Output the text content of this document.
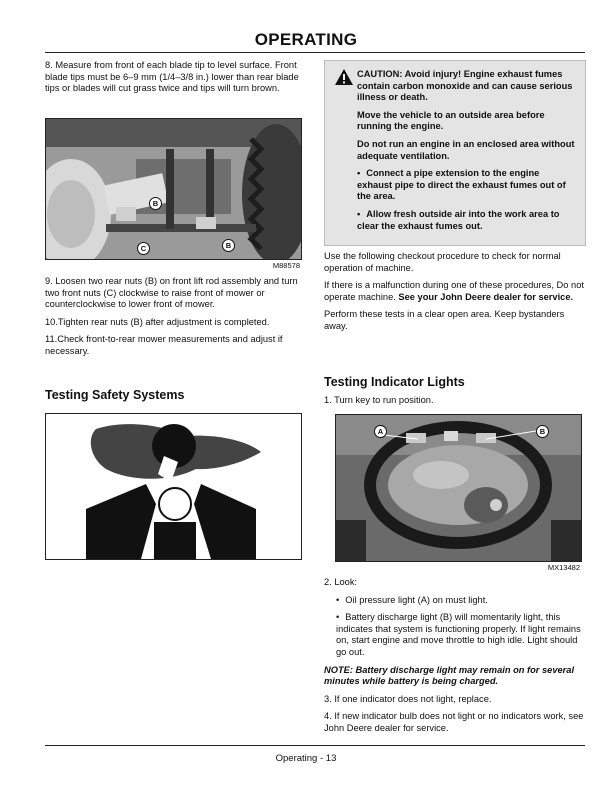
OPERATING

8. Measure from front of each blade tip to level surface. Front blade tips must be 6–9 mm (1/4–3/8 in.) lower than rear blade tips or blades will cut grass twice and tips will turn brown.

B
C	B
M88578

9. Loosen two rear nuts (B) on front lift rod assembly and turn two front nuts (C) clockwise to raise front of mower or counterclockwise to lower front of mower.

10.Tighten rear nuts (B) after adjustment is completed.

11.Check front-to-rear mower measurements and adjust if necessary.

Testing Safety Systems

CAUTION: Avoid injury! Engine exhaust fumes contain carbon monoxide and can cause serious illness or death.

Move the vehicle to an outside area before running the engine.

Do not run an engine in an enclosed area without adequate ventilation.

• Connect a pipe extension to the engine exhaust pipe to direct the exhaust fumes out of the area.

• Allow fresh outside air into the work area to clear the exhaust fumes out.

Use the following checkout procedure to check for normal operation of machine.

If there is a malfunction during one of these procedures, Do not operate machine. See your John Deere dealer for service.

Perform these tests in a clear open area. Keep bystanders away.

Testing Indicator Lights
1. Turn key to run position.
A	B
MX13482

2. Look:

• Oil pressure light (A) on must light.

• Battery discharge light (B) will momentarily light, this indicates that system is functioning properly. If light remains on, start engine and move throttle to high idle. Light should go out.

NOTE: Battery discharge light may remain on for several minutes while battery is being charged.

3. If one indicator does not light, replace.

4. If new indicator bulb does not light or no indicators work, see John Deere dealer for service.

Operating - 13
